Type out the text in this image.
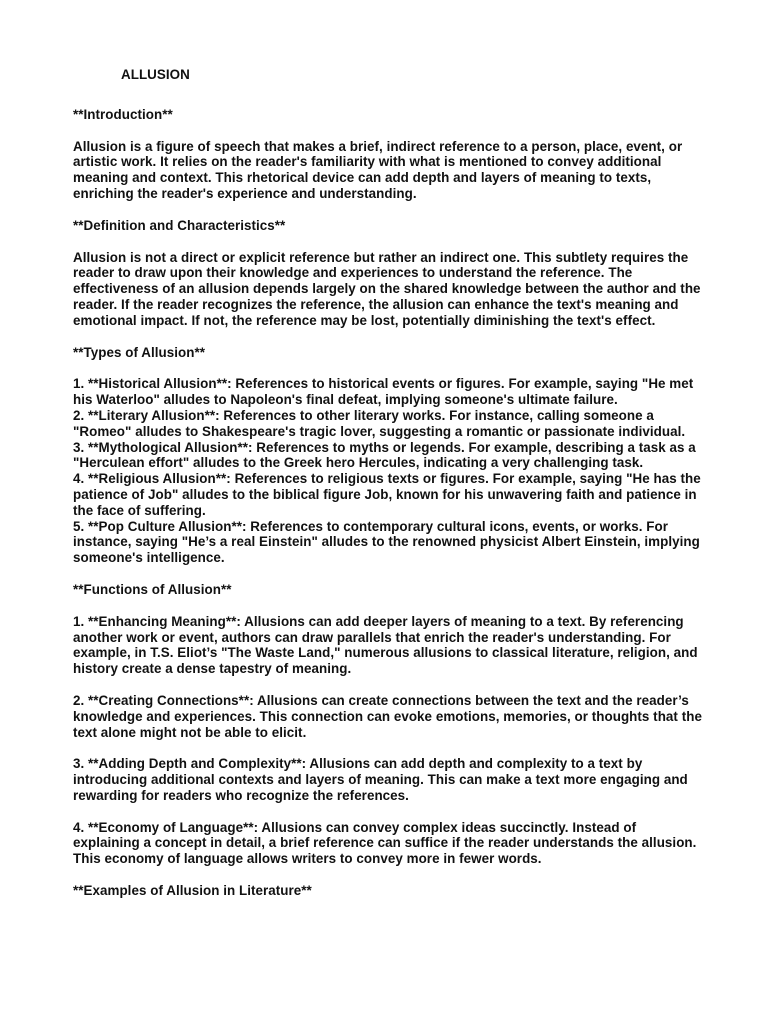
ALLUSION
**Introduction**
Allusion is a figure of speech that makes a brief, indirect reference to a person, place, event, or artistic work. It relies on the reader's familiarity with what is mentioned to convey additional meaning and context. This rhetorical device can add depth and layers of meaning to texts, enriching the reader's experience and understanding.
**Definition and Characteristics**
Allusion is not a direct or explicit reference but rather an indirect one. This subtlety requires the reader to draw upon their knowledge and experiences to understand the reference. The effectiveness of an allusion depends largely on the shared knowledge between the author and the reader. If the reader recognizes the reference, the allusion can enhance the text's meaning and emotional impact. If not, the reference may be lost, potentially diminishing the text's effect.
**Types of Allusion**
1. **Historical Allusion**: References to historical events or figures. For example, saying "He met his Waterloo" alludes to Napoleon's final defeat, implying someone's ultimate failure.
2. **Literary Allusion**: References to other literary works. For instance, calling someone a "Romeo" alludes to Shakespeare's tragic lover, suggesting a romantic or passionate individual.
3. **Mythological Allusion**: References to myths or legends. For example, describing a task as a "Herculean effort" alludes to the Greek hero Hercules, indicating a very challenging task.
4. **Religious Allusion**: References to religious texts or figures. For example, saying "He has the patience of Job" alludes to the biblical figure Job, known for his unwavering faith and patience in the face of suffering.
5. **Pop Culture Allusion**: References to contemporary cultural icons, events, or works. For instance, saying "He’s a real Einstein" alludes to the renowned physicist Albert Einstein, implying someone's intelligence.
**Functions of Allusion**
1. **Enhancing Meaning**: Allusions can add deeper layers of meaning to a text. By referencing another work or event, authors can draw parallels that enrich the reader's understanding. For example, in T.S. Eliot’s "The Waste Land," numerous allusions to classical literature, religion, and history create a dense tapestry of meaning.
2. **Creating Connections**: Allusions can create connections between the text and the reader’s knowledge and experiences. This connection can evoke emotions, memories, or thoughts that the text alone might not be able to elicit.
3. **Adding Depth and Complexity**: Allusions can add depth and complexity to a text by introducing additional contexts and layers of meaning. This can make a text more engaging and rewarding for readers who recognize the references.
4. **Economy of Language**: Allusions can convey complex ideas succinctly. Instead of explaining a concept in detail, a brief reference can suffice if the reader understands the allusion. This economy of language allows writers to convey more in fewer words.
**Examples of Allusion in Literature**
